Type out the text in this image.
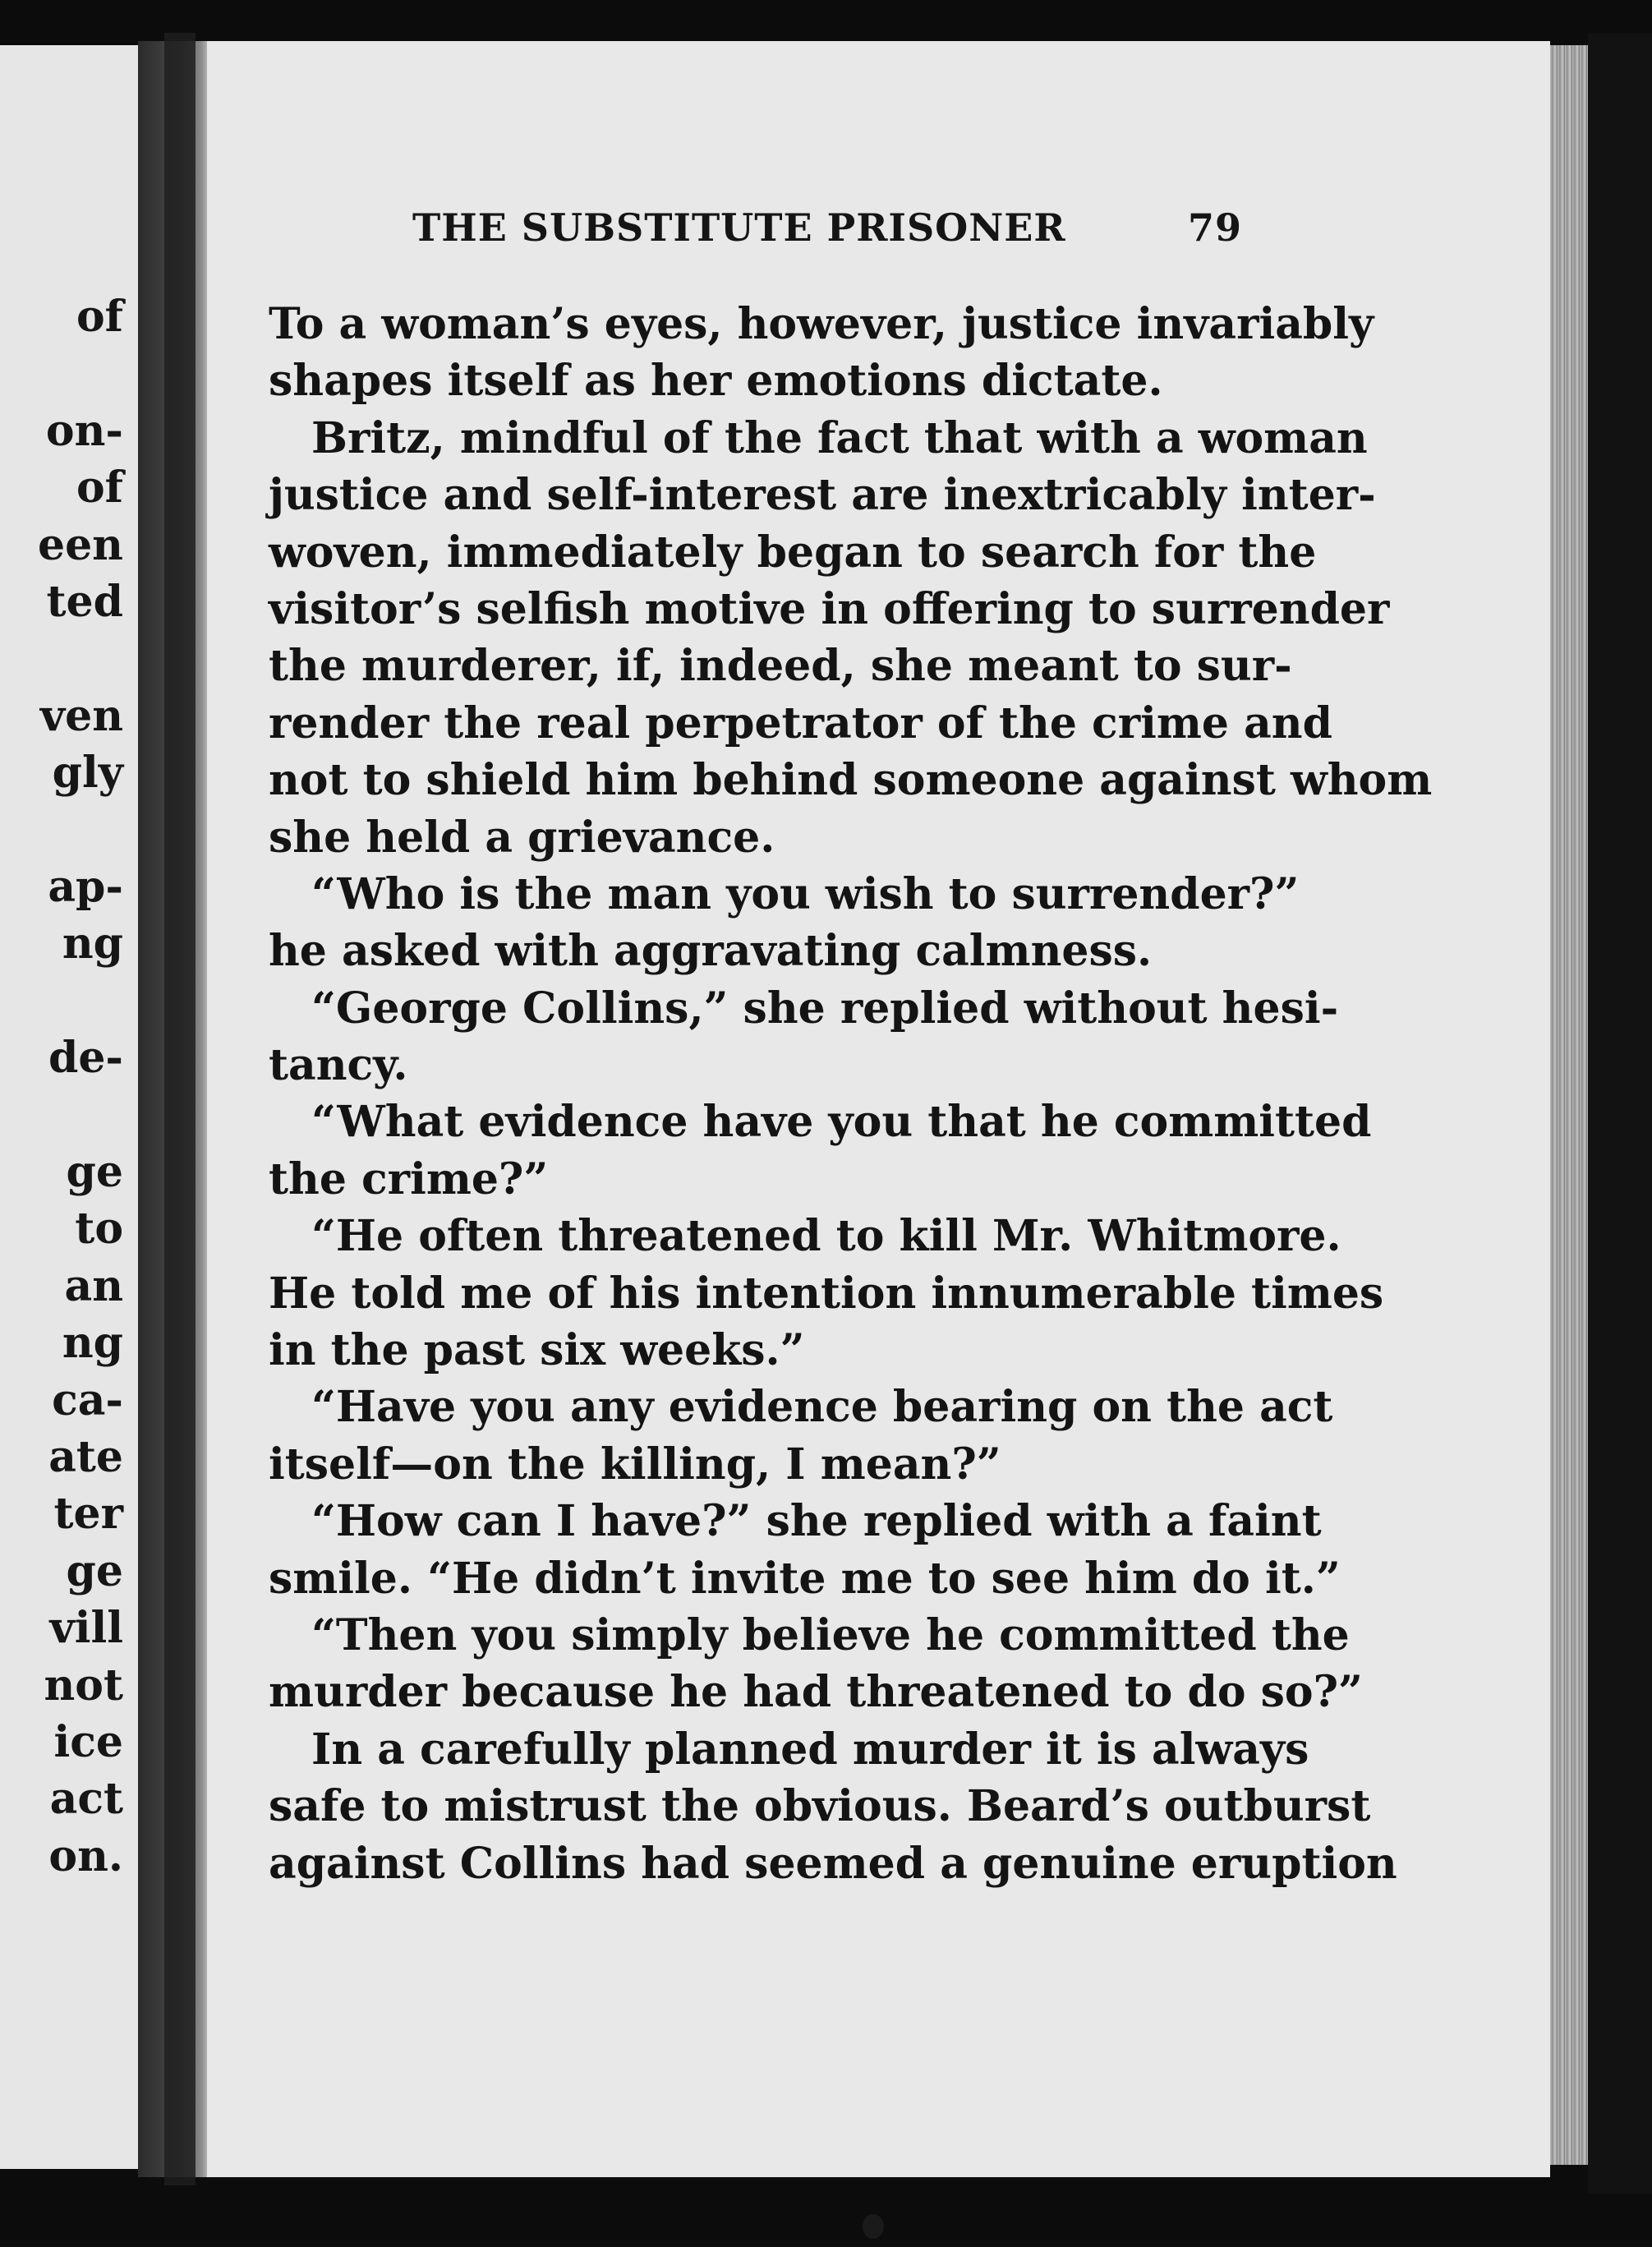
of
on-
of
een
ted
ven
gly
ap-
ng
de-
ge
to
an
ng
ca-
ate
ter
ge
vill
not
ice
act
on.
THE SUBSTITUTE PRISONER	79
To a woman’s eyes, however, justice invariably
shapes itself as her emotions dictate.
Britz, mindful of the fact that with a woman
justice and self-interest are inextricably inter-
woven, immediately began to search for the
visitor’s selfish motive in offering to surrender
the murderer, if, indeed, she meant to sur-
render the real perpetrator of the crime and
not to shield him behind someone against whom
she held a grievance.
“Who is the man you wish to surrender?”
he asked with aggravating calmness.
“George Collins,” she replied without hesi-
tancy.
“What evidence have you that he committed
the crime?”
“He often threatened to kill Mr. Whitmore.
He told me of his intention innumerable times
in the past six weeks.”
“Have you any evidence bearing on the act
itself—on the killing, I mean?”
“How can I have?” she replied with a faint
smile. “He didn’t invite me to see him do it.”
“Then you simply believe he committed the
murder because he had threatened to do so?”
In a carefully planned murder it is always
safe to mistrust the obvious. Beard’s outburst
against Collins had seemed a genuine eruption
